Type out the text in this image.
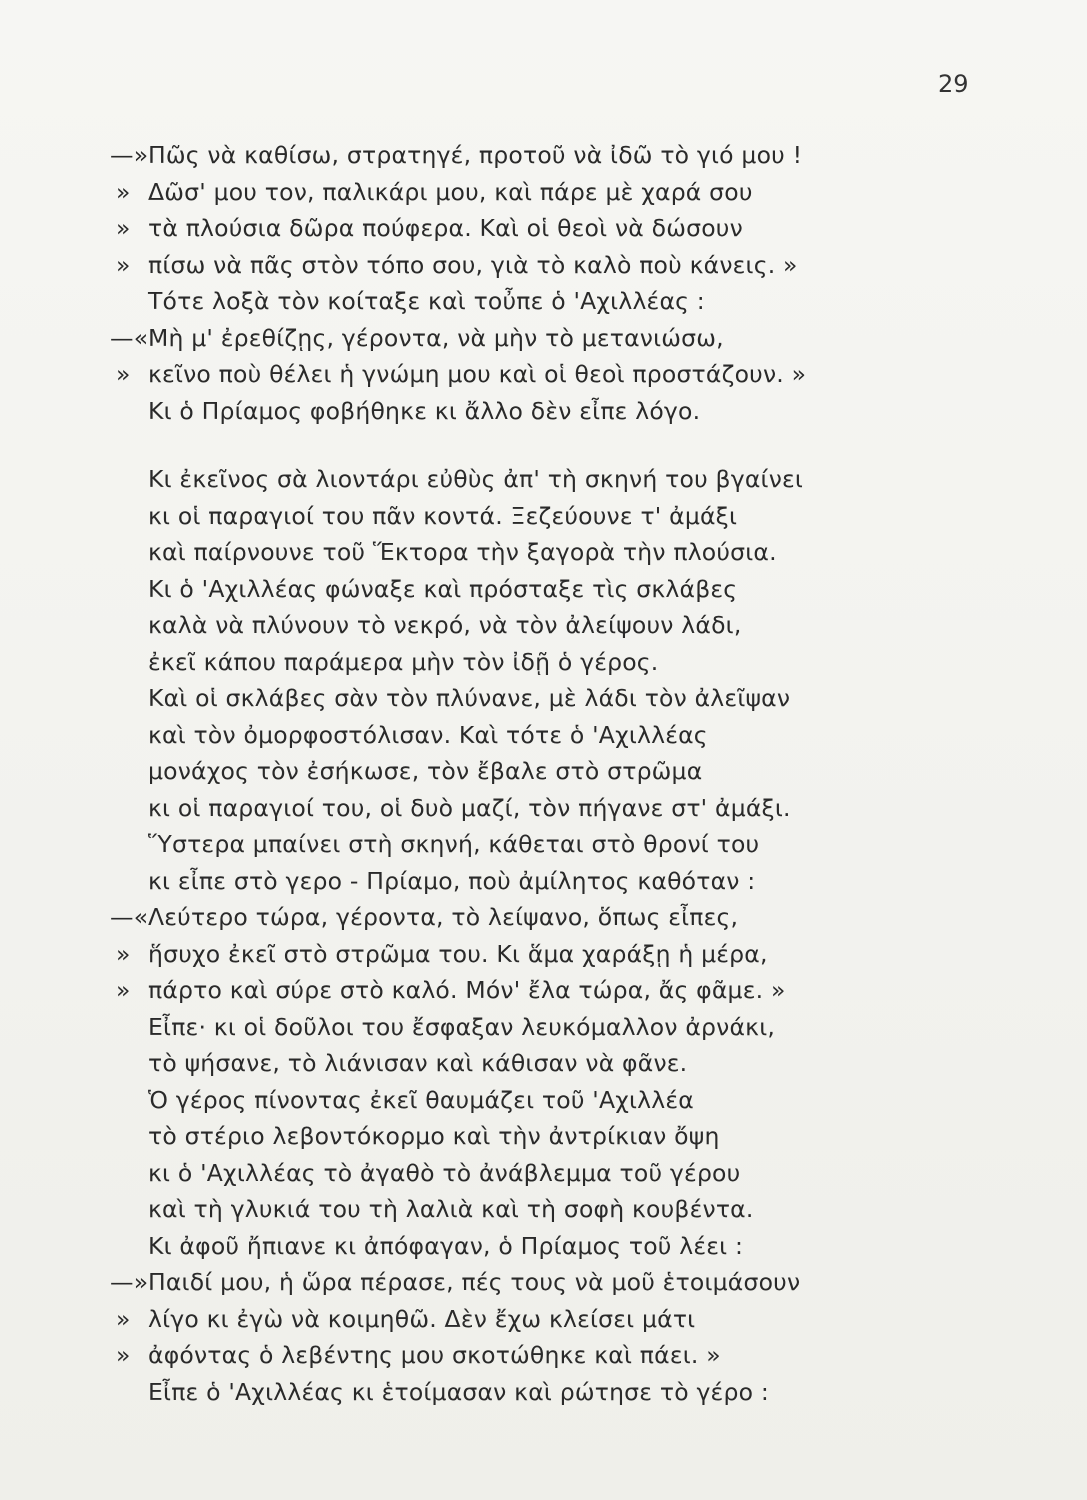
29
—» Πῶς νὰ καθίσω, στρατηγέ, προτοῦ νὰ ἰδῶ τὸ γιό μου !
» Δῶσ' μου τον, παλικάρι μου, καὶ πάρε μὲ χαρά σου
» τὰ πλούσια δῶρα πούφερα. Καὶ οἱ θεοὶ νὰ δώσουν
» πίσω νὰ πᾶς στὸν τόπο σου, γιὰ τὸ καλὸ ποὺ κάνεις. »
Τότε λοξὰ τὸν κοίταξε καὶ τοὖπε ὁ 'Αχιλλέας :
—« Μὴ μ' ἐρεθίζῃς, γέροντα, νὰ μὴν τὸ μετανιώσω,
» κεῖνο ποὺ θέλει ἡ γνώμη μου καὶ οἱ θεοὶ προστάζουν. »
Κι ὁ Πρίαμος φοβήθηκε κι ἄλλο δὲν εἶπε λόγο.
Κι ἐκεῖνος σὰ λιοντάρι εὐθὺς ἀπ' τὴ σκηνή του βγαίνει
κι οἱ παραγιοί του πᾶν κοντά. Ξεζεύουνε τ' ἀμάξι
καὶ παίρνουνε τοῦ Ἕκτορα τὴν ξαγορὰ τὴν πλούσια.
Κι ὁ 'Αχιλλέας φώναξε καὶ πρόσταξε τὶς σκλάβες
καλὰ νὰ πλύνουν τὸ νεκρό, νὰ τὸν ἀλείψουν λάδι,
ἐκεῖ κάπου παράμερα μὴν τὸν ἰδῇ ὁ γέρος.
Καὶ οἱ σκλάβες σὰν τὸν πλύνανε, μὲ λάδι τὸν ἀλεῖψαν
καὶ τὸν ὀμορφοστόλισαν. Καὶ τότε ὁ 'Αχιλλέας
μονάχος τὸν ἐσήκωσε, τὸν ἔβαλε στὸ στρῶμα
κι οἱ παραγιοί του, οἱ δυὸ μαζί, τὸν πήγανε στ' ἀμάξι.
Ὕστερα μπαίνει στὴ σκηνή, κάθεται στὸ θρονί του
κι εἶπε στὸ γερο - Πρίαμο, ποὺ ἀμίλητος καθόταν :
—« Λεύτερο τώρα, γέροντα, τὸ λείψανο, ὅπως εἶπες,
» ἥσυχο ἐκεῖ στὸ στρῶμα του. Κι ἅμα χαράξῃ ἡ μέρα,
» πάρτο καὶ σύρε στὸ καλό. Μόν' ἔλα τώρα, ἄς φᾶμε. »
Εἶπε· κι οἱ δοῦλοι του ἔσφαξαν λευκόμαλλον ἀρνάκι,
τὸ ψήσανε, τὸ λιάνισαν καὶ κάθισαν νὰ φᾶνε.
Ὁ γέρος πίνοντας ἐκεῖ θαυμάζει τοῦ 'Αχιλλέα
τὸ στέριο λεβοντόκορμο καὶ τὴν ἀντρίκιαν ὄψη
κι ὁ 'Αχιλλέας τὸ ἀγαθὸ τὸ ἀνάβλεμμα τοῦ γέρου
καὶ τὴ γλυκιά του τὴ λαλιὰ καὶ τὴ σοφὴ κουβέντα.
Κι ἀφοῦ ἤπιανε κι ἀπόφαγαν, ὁ Πρίαμος τοῦ λέει :
—» Παιδί μου, ἡ ὥρα πέρασε, πές τους νὰ μοῦ ἑτοιμάσουν
» λίγο κι ἐγὼ νὰ κοιμηθῶ. Δὲν ἔχω κλείσει μάτι
» ἀφόντας ὁ λεβέντης μου σκοτώθηκε καὶ πάει. »
Εἶπε ὁ 'Αχιλλέας κι ἑτοίμασαν καὶ ρώτησε τὸ γέρο :
